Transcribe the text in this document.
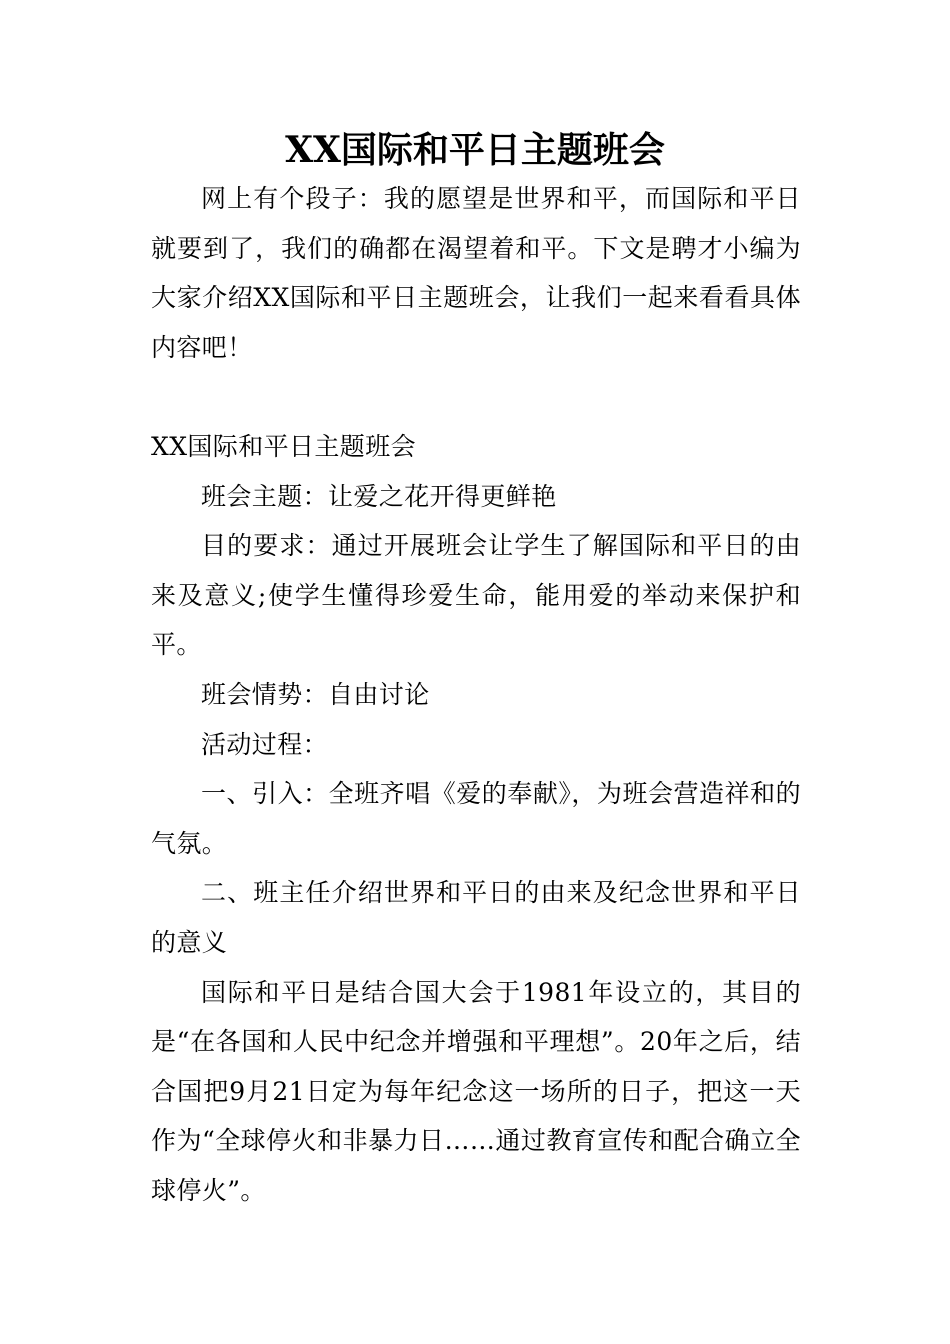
XX国际和平日主题班会

网上有个段子：我的愿望是世界和平，而国际和平日就要到了，我们的确都在渴望着和平。下文是聘才小编为大家介绍XX国际和平日主题班会，让我们一起来看看具体内容吧！

XX国际和平日主题班会

班会主题：让爱之花开得更鲜艳

目的要求：通过开展班会让学生了解国际和平日的由来及意义;使学生懂得珍爱生命，能用爱的举动来保护和平。

班会情势：自由讨论

活动过程：

一、引入：全班齐唱《爱的奉献》，为班会营造祥和的气氛。

二、班主任介绍世界和平日的由来及纪念世界和平日的意义

国际和平日是结合国大会于1981年设立的，其目的是“在各国和人民中纪念并增强和平理想”。20年之后，结合国把9月21日定为每年纪念这一场所的日子，把这一天作为“全球停火和非暴力日……通过教育宣传和配合确立全球停火”。
